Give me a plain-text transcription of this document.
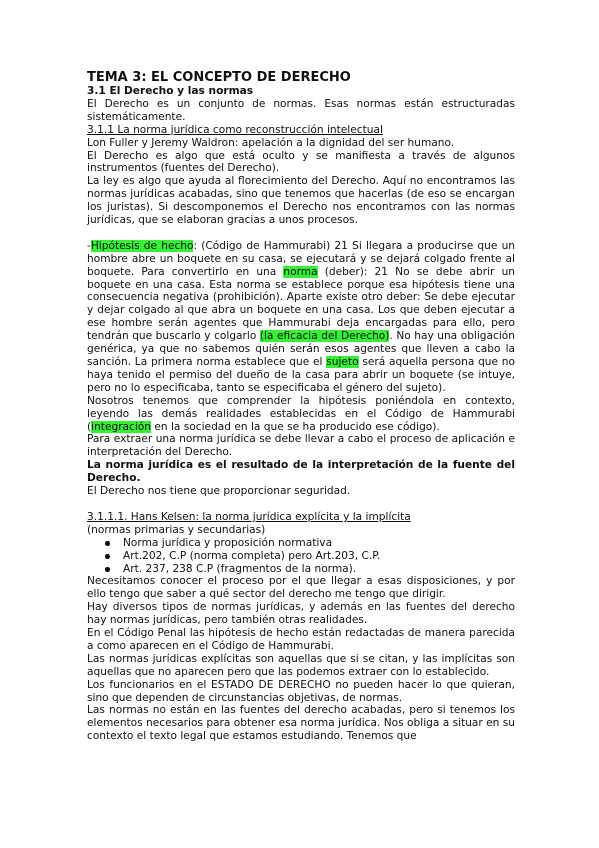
TEMA 3: EL CONCEPTO DE DERECHO

3.1 El Derecho y las normas

El Derecho es un conjunto de normas. Esas normas están estructuradas sistemáticamente.

3.1.1 La norma jurídica como reconstrucción intelectual

Lon Fuller y Jeremy Waldron: apelación a la dignidad del ser humano.

El Derecho es algo que está oculto y se manifiesta a través de algunos instrumentos (fuentes del Derecho).

La ley es algo que ayuda al florecimiento del Derecho. Aquí no encontramos las normas jurídicas acabadas, sino que tenemos que hacerlas (de eso se encargan los juristas). Si descomponemos el Derecho nos encontramos con las normas jurídicas, que se elaboran gracias a unos procesos.

-Hipótesis de hecho: (Código de Hammurabi) 21 Si llegara a producirse que un hombre abre un boquete en su casa, se ejecutará y se dejará colgado frente al boquete. Para convertirlo en una norma (deber): 21 No se debe abrir un boquete en una casa. Esta norma se establece porque esa hipótesis tiene una consecuencia negativa (prohibición). Aparte existe otro deber: Se debe ejecutar y dejar colgado al que abra un boquete en una casa. Los que deben ejecutar a ese hombre serán agentes que Hammurabi deja encargadas para ello, pero tendrán que buscarlo y colgarlo (la eficacia del Derecho). No hay una obligación genérica, ya que no sabemos quién serán esos agentes que lleven a cabo la sanción. La primera norma establece que el sujeto será aquella persona que no haya tenido el permiso del dueño de la casa para abrir un boquete (se intuye, pero no lo especificaba, tanto se especificaba el género del sujeto).

Nosotros tenemos que comprender la hipótesis poniéndola en contexto, leyendo las demás realidades establecidas en el Código de Hammurabi (integración en la sociedad en la que se ha producido ese código).

Para extraer una norma jurídica se debe llevar a cabo el proceso de aplicación e interpretación del Derecho.

La norma jurídica es el resultado de la interpretación de la fuente del Derecho.

El Derecho nos tiene que proporcionar seguridad.

3.1.1.1. Hans Kelsen: la norma jurídica explícita y la implícita

(normas primarias y secundarias)

Norma jurídica y proposición normativa
Art.202, C.P (norma completa) pero Art.203, C.P.
Art. 237, 238 C.P (fragmentos de la norma).

Necesitamos conocer el proceso por el que llegar a esas disposiciones, y por ello tengo que saber a qué sector del derecho me tengo que dirigir.

Hay diversos tipos de normas jurídicas, y además en las fuentes del derecho hay normas jurídicas, pero también otras realidades.

En el Código Penal las hipótesis de hecho están redactadas de manera parecida a como aparecen en el Código de Hammurabi.

Las normas jurídicas explícitas son aquellas que si se citan, y las implícitas son aquellas que no aparecen pero que las podemos extraer con lo establecido.

Los funcionarios en el ESTADO DE DERECHO no pueden hacer lo que quieran, sino que dependen de circunstancias objetivas, de normas.

Las normas no están en las fuentes del derecho acabadas, pero si tenemos los elementos necesarios para obtener esa norma jurídica. Nos obliga a situar en su contexto el texto legal que estamos estudiando. Tenemos que
